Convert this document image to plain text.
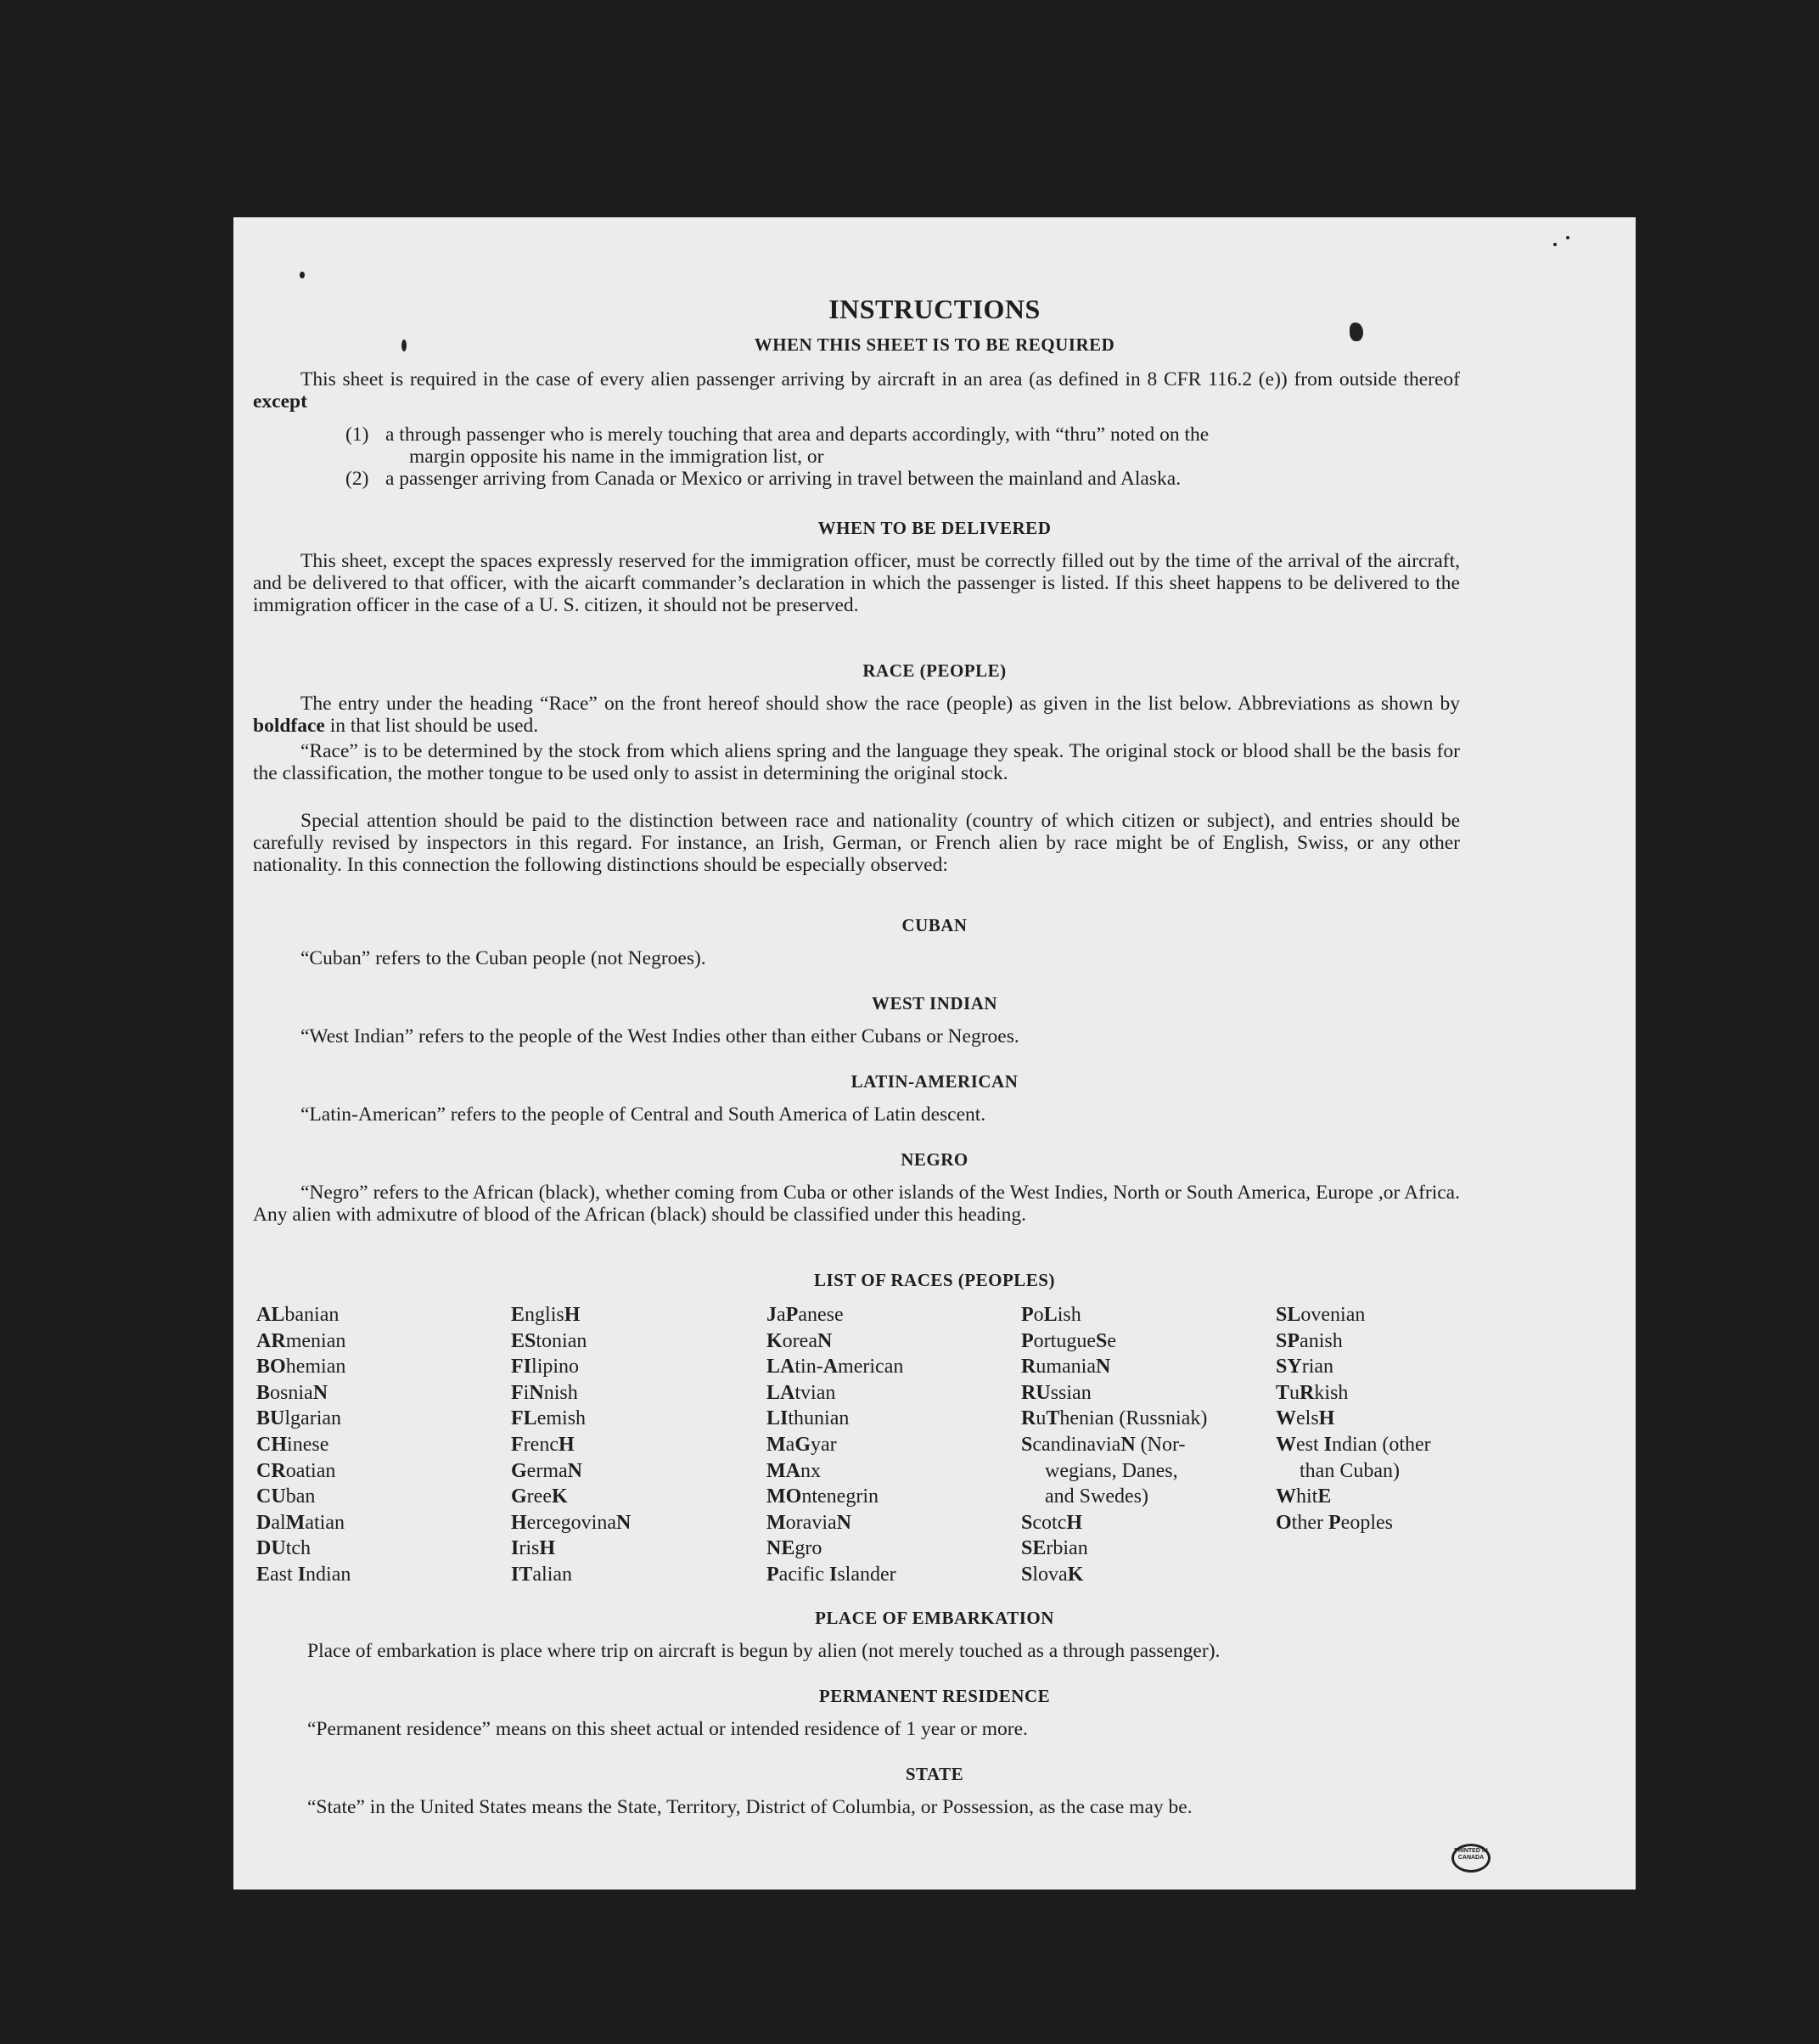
INSTRUCTIONS
WHEN THIS SHEET IS TO BE REQUIRED
This sheet is required in the case of every alien passenger arriving by aircraft in an area (as defined in 8 CFR 116.2 (e)) from outside thereof except
(1) a through passenger who is merely touching that area and departs accordingly, with “thru” noted on the
margin opposite his name in the immigration list, or
(2) a passenger arriving from Canada or Mexico or arriving in travel between the mainland and Alaska.
WHEN TO BE DELIVERED
This sheet, except the spaces expressly reserved for the immigration officer, must be correctly filled out by the time of the arrival of the aircraft, and be delivered to that officer, with the aicarft commander’s declaration in which the passenger is listed. If this sheet happens to be delivered to the immigration officer in the case of a U. S. citizen, it should not be preserved.
RACE (PEOPLE)
The entry under the heading “Race” on the front hereof should show the race (people) as given in the list below. Abbreviations as shown by boldface in that list should be used.
“Race” is to be determined by the stock from which aliens spring and the language they speak. The original stock or blood shall be the basis for the classification, the mother tongue to be used only to assist in determining the original stock.
Special attention should be paid to the distinction between race and nationality (country of which citizen or subject), and entries should be carefully revised by inspectors in this regard. For instance, an Irish, German, or French alien by race might be of English, Swiss, or any other nationality. In this connection the following distinctions should be especially observed:
CUBAN
“Cuban” refers to the Cuban people (not Negroes).
WEST INDIAN
“West Indian” refers to the people of the West Indies other than either Cubans or Negroes.
LATIN-AMERICAN
“Latin-American” refers to the people of Central and South America of Latin descent.
NEGRO
“Negro” refers to the African (black), whether coming from Cuba or other islands of the West Indies, North or South America, Europe ,or Africa. Any alien with admixutre of blood of the African (black) should be classified under this heading.
LIST OF RACES (PEOPLES)
ALbanian
ARmenian
BOhemian
BosniaN
BUlgarian
CHinese
CRoatian
CUban
DalMatian
DUtch
East Indian
EnglisH
EStonian
FIlipino
FiNnish
FLemish
FrencH
GermaN
GreeK
HercegovinaN
IrisH
ITalian
JaPanese
KoreaN
LAtin-American
LAtvian
LIthunian
MaGyar
MAnx
MOntenegrin
MoraviaN
NEgro
Pacific Islander
PoLish
PortugueSe
RumaniaN
RUssian
RuThenian (Russniak)
ScandinaviaN (Nor-
wegians, Danes,
and Swedes)
ScotcH
SErbian
SlovaK
SLovenian
SPanish
SYrian
TuRkish
WelsH
West Indian (other
than Cuban)
WhitE
Other Peoples
PLACE OF EMBARKATION
Place of embarkation is place where trip on aircraft is begun by alien (not merely touched as a through passenger).
PERMANENT RESIDENCE
“Permanent residence” means on this sheet actual or intended residence of 1 year or more.
STATE
“State” in the United States means the State, Territory, District of Columbia, or Possession, as the case may be.
PRINTED IN CANADA
